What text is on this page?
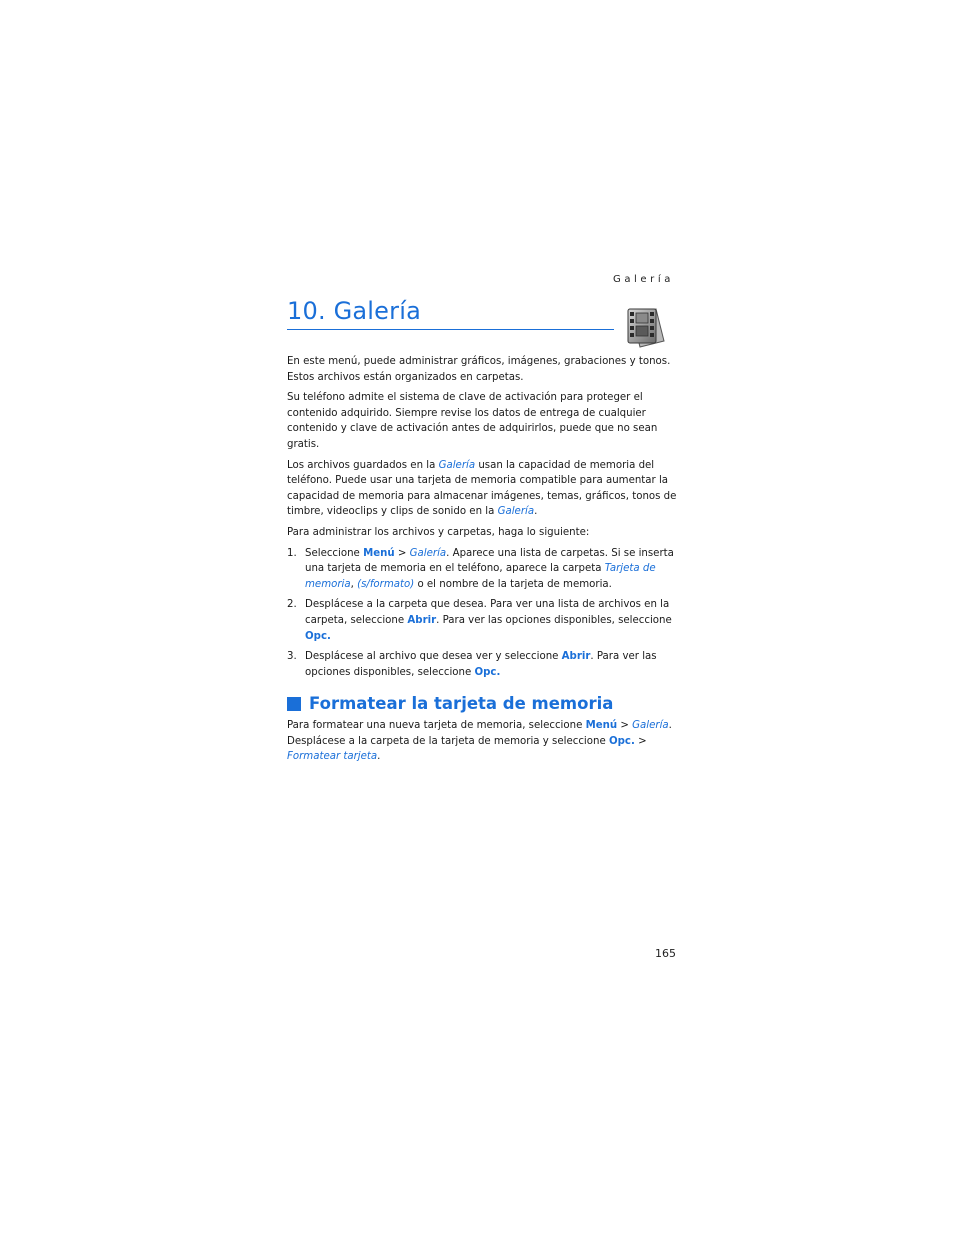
Galería
10. Galería

En este menú, puede administrar gráficos, imágenes, grabaciones y tonos. Estos archivos están organizados en carpetas.

Su teléfono admite el sistema de clave de activación para proteger el contenido adquirido. Siempre revise los datos de entrega de cualquier contenido y clave de activación antes de adquirirlos, puede que no sean gratis.

Los archivos guardados en la Galería usan la capacidad de memoria del teléfono. Puede usar una tarjeta de memoria compatible para aumentar la capacidad de memoria para almacenar imágenes, temas, gráficos, tonos de timbre, videoclips y clips de sonido en la Galería.

Para administrar los archivos y carpetas, haga lo siguiente:

1. Seleccione Menú > Galería. Aparece una lista de carpetas. Si se inserta una tarjeta de memoria en el teléfono, aparece la carpeta Tarjeta de memoria, (s/formato) o el nombre de la tarjeta de memoria.
2. Desplácese a la carpeta que desea. Para ver una lista de archivos en la carpeta, seleccione Abrir. Para ver las opciones disponibles, seleccione Opc.
3. Desplácese al archivo que desea ver y seleccione Abrir. Para ver las opciones disponibles, seleccione Opc.
Formatear la tarjeta de memoria

Para formatear una nueva tarjeta de memoria, seleccione Menú > Galería. Desplácese a la carpeta de la tarjeta de memoria y seleccione Opc. > Formatear tarjeta.

165
